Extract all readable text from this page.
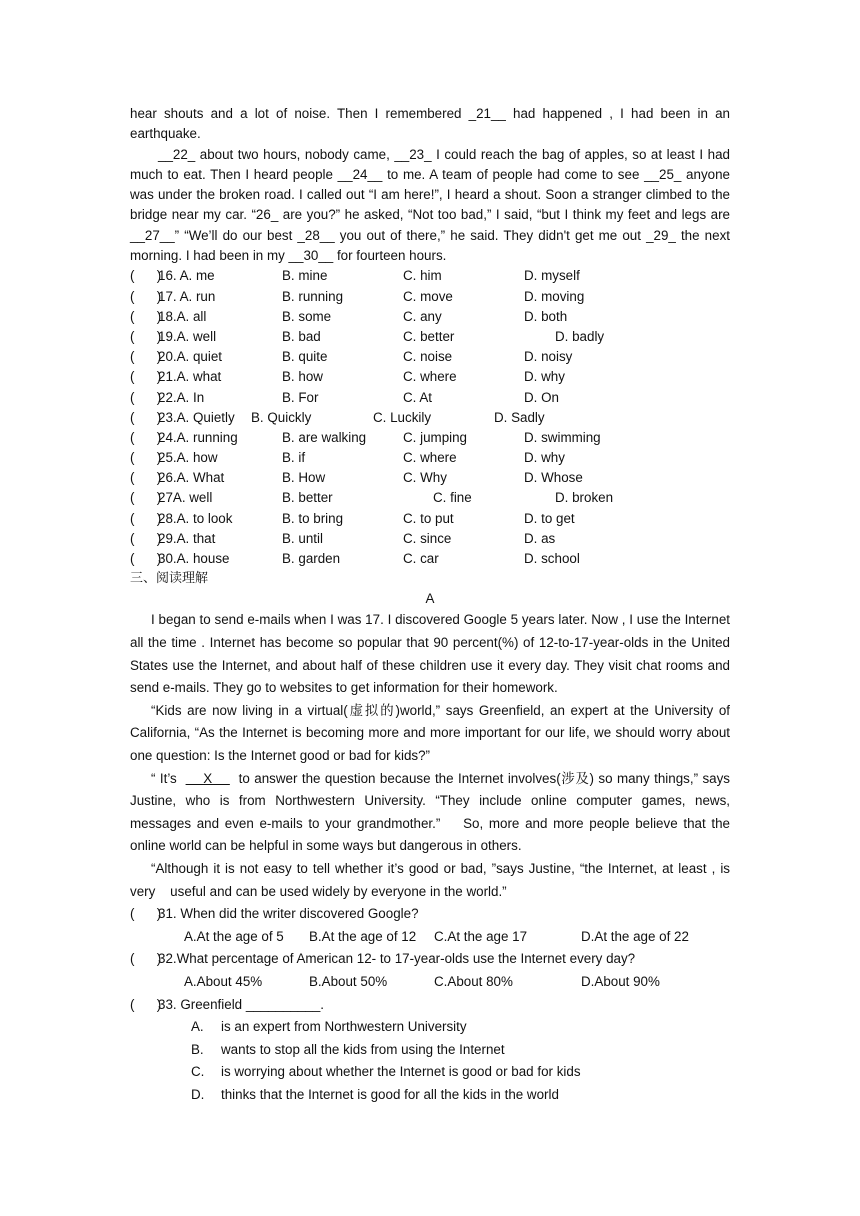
hear shouts and a lot of noise. Then I remembered _21__ had happened , I had been in an earthquake.

__22_ about two hours, nobody came, __23_ I could reach the bag of apples, so at least I had much to eat. Then I heard people __24__ to me. A team of people had come to see __25_ anyone was under the broken road. I called out “I am here!”, I heard a shout. Soon a stranger climbed to the bridge near my car. “26_ are you?” he asked, “Not too bad,” I said, “but I think my feet and legs are __27__” “We’ll do our best _28__ you out of there,” he said. They didn't get me out _29_ the next morning. I had been in my __30__ for fourteen hours.

(      )
16. A. me	B. mine	C. him	D. myself
(      )
17. A. run	B. running	C. move	D. moving
(      )
18.A. all	B. some	C. any	D. both
(      )
19.A. well	B. bad	C. better	D. badly
(      )
20.A. quiet	B. quite	C. noise	D. noisy
(      )
21.A. what	B. how	C. where	D. why
(      )
22.A. In	B. For	C. At	D. On
(      )
23.A. Quietly B. Quickly	C. Luckily	D. Sadly
(      )
24.A. running	B. are walking	C. jumping	D. swimming
(      )
25.A. how	B. if	C. where	D. why
(      )
26.A. What	B. How	C. Why	D. Whose
(      )
27A. well	B. better	C. fine	D. broken
(      )
28.A. to look	B. to bring	C. to put	D. to get
(      )
29.A. that	B. until	C. since	D. as
(      )
30.A. house	B. garden	C. car	D. school

三、阅读理解

A

I began to send e-mails when I was 17. I discovered Google 5 years later. Now , I use the Internet all the time . Internet has become so popular that 90 percent(%) of 12-to-17-year-olds in the United States use the Internet, and about half of these children use it every day. They visit chat rooms and send e-mails. They go to websites to get information for their homework.

“Kids are now living in a virtual(虚拟的)world,” says Greenfield, an expert at the University of California, “As the Internet is becoming more and more important for our life, we should worry about one question: Is the Internet good or bad for kids?”

“ It’s      X      to answer the question because the Internet involves(涉及) so many things,” says Justine, who is from Northwestern University. “They include online computer games, news, messages and even e-mails to your grandmother.”    So, more and more people believe that the online world can be helpful in some ways but dangerous in others.

“Although it is not easy to tell whether it’s good or bad, ”says Justine, “the Internet, at least , is very    useful and can be used widely by everyone in the world.”

(      )
31. When did the writer discovered Google?
A.At the age of 5 B.At the age of 12 C.At the age 17	D.At the age of 22
(      )
32.What percentage of American 12- to 17-year-olds use the Internet every day?
A.About 45%	B.About 50%	C.About 80%	D.About 90%
(      )
33. Greenfield __________.
A. is an expert from Northwestern University
B. wants to stop all the kids from using the Internet
C. is worrying about whether the Internet is good or bad for kids
D. thinks that the Internet is good for all the kids in the world
